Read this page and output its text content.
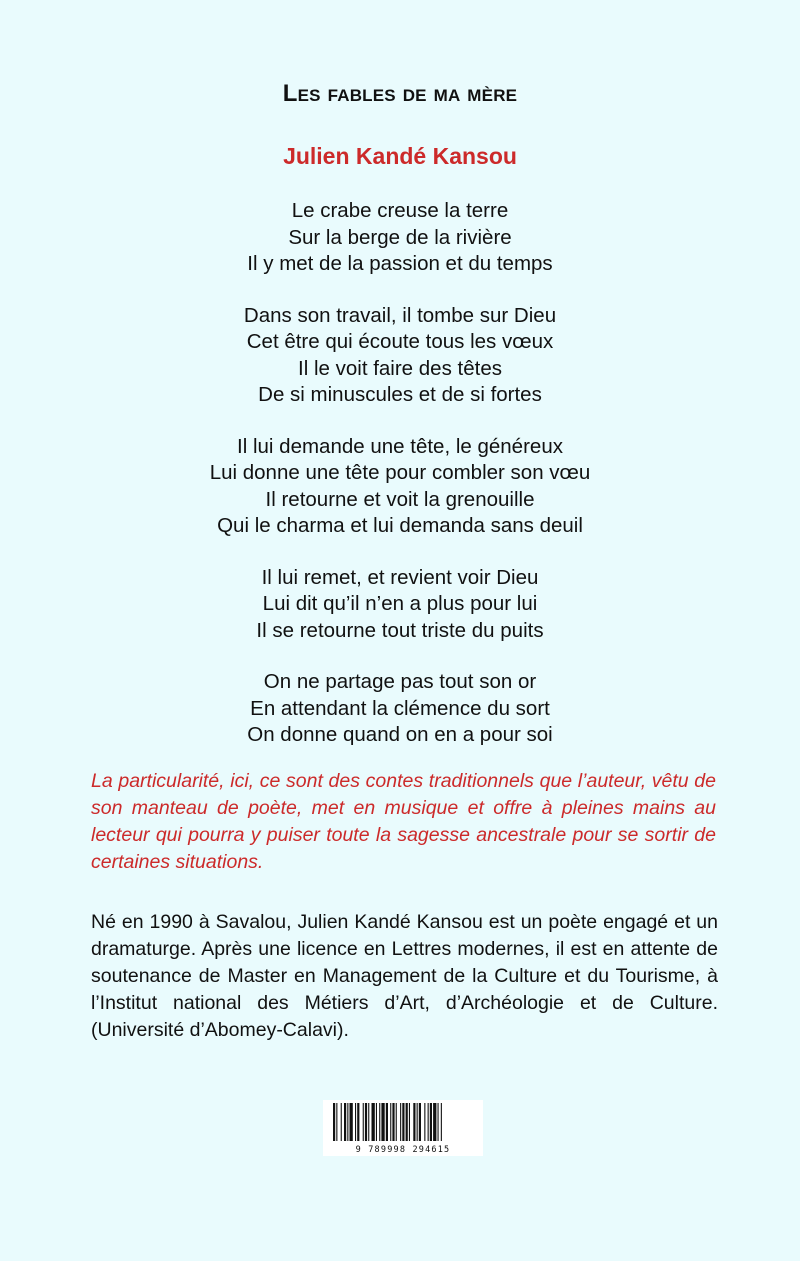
Les fables de ma mère
Julien Kandé Kansou
Le crabe creuse la terre
Sur la berge de la rivière
Il y met de la passion et du temps
Dans son travail, il tombe sur Dieu
Cet être qui écoute tous les vœux
Il le voit faire des têtes
De si minuscules et de si fortes
Il lui demande une tête, le généreux
Lui donne une tête pour combler son vœu
Il retourne et voit la grenouille
Qui le charma et lui demanda sans deuil
Il lui remet, et revient voir Dieu
Lui dit qu’il n’en a plus pour lui
Il se retourne tout triste du puits
On ne partage pas tout son or
En attendant la clémence du sort
On donne quand on en a pour soi

La particularité, ici, ce sont des contes traditionnels que l’auteur, vêtu de son manteau de poète, met en musique et offre à pleines mains au lecteur qui pourra y puiser toute la sagesse ancestrale pour se sortir de certaines situations.

Né en 1990 à Savalou, Julien Kandé Kansou est un poète engagé et un dramaturge. Après une licence en Lettres modernes, il est en attente de soutenance de Master en Management de la Culture et du Tourisme, à l’Institut national des Métiers d’Art, d’Archéologie et de Culture. (Université d’Abomey-Calavi).

9 789998 294615
